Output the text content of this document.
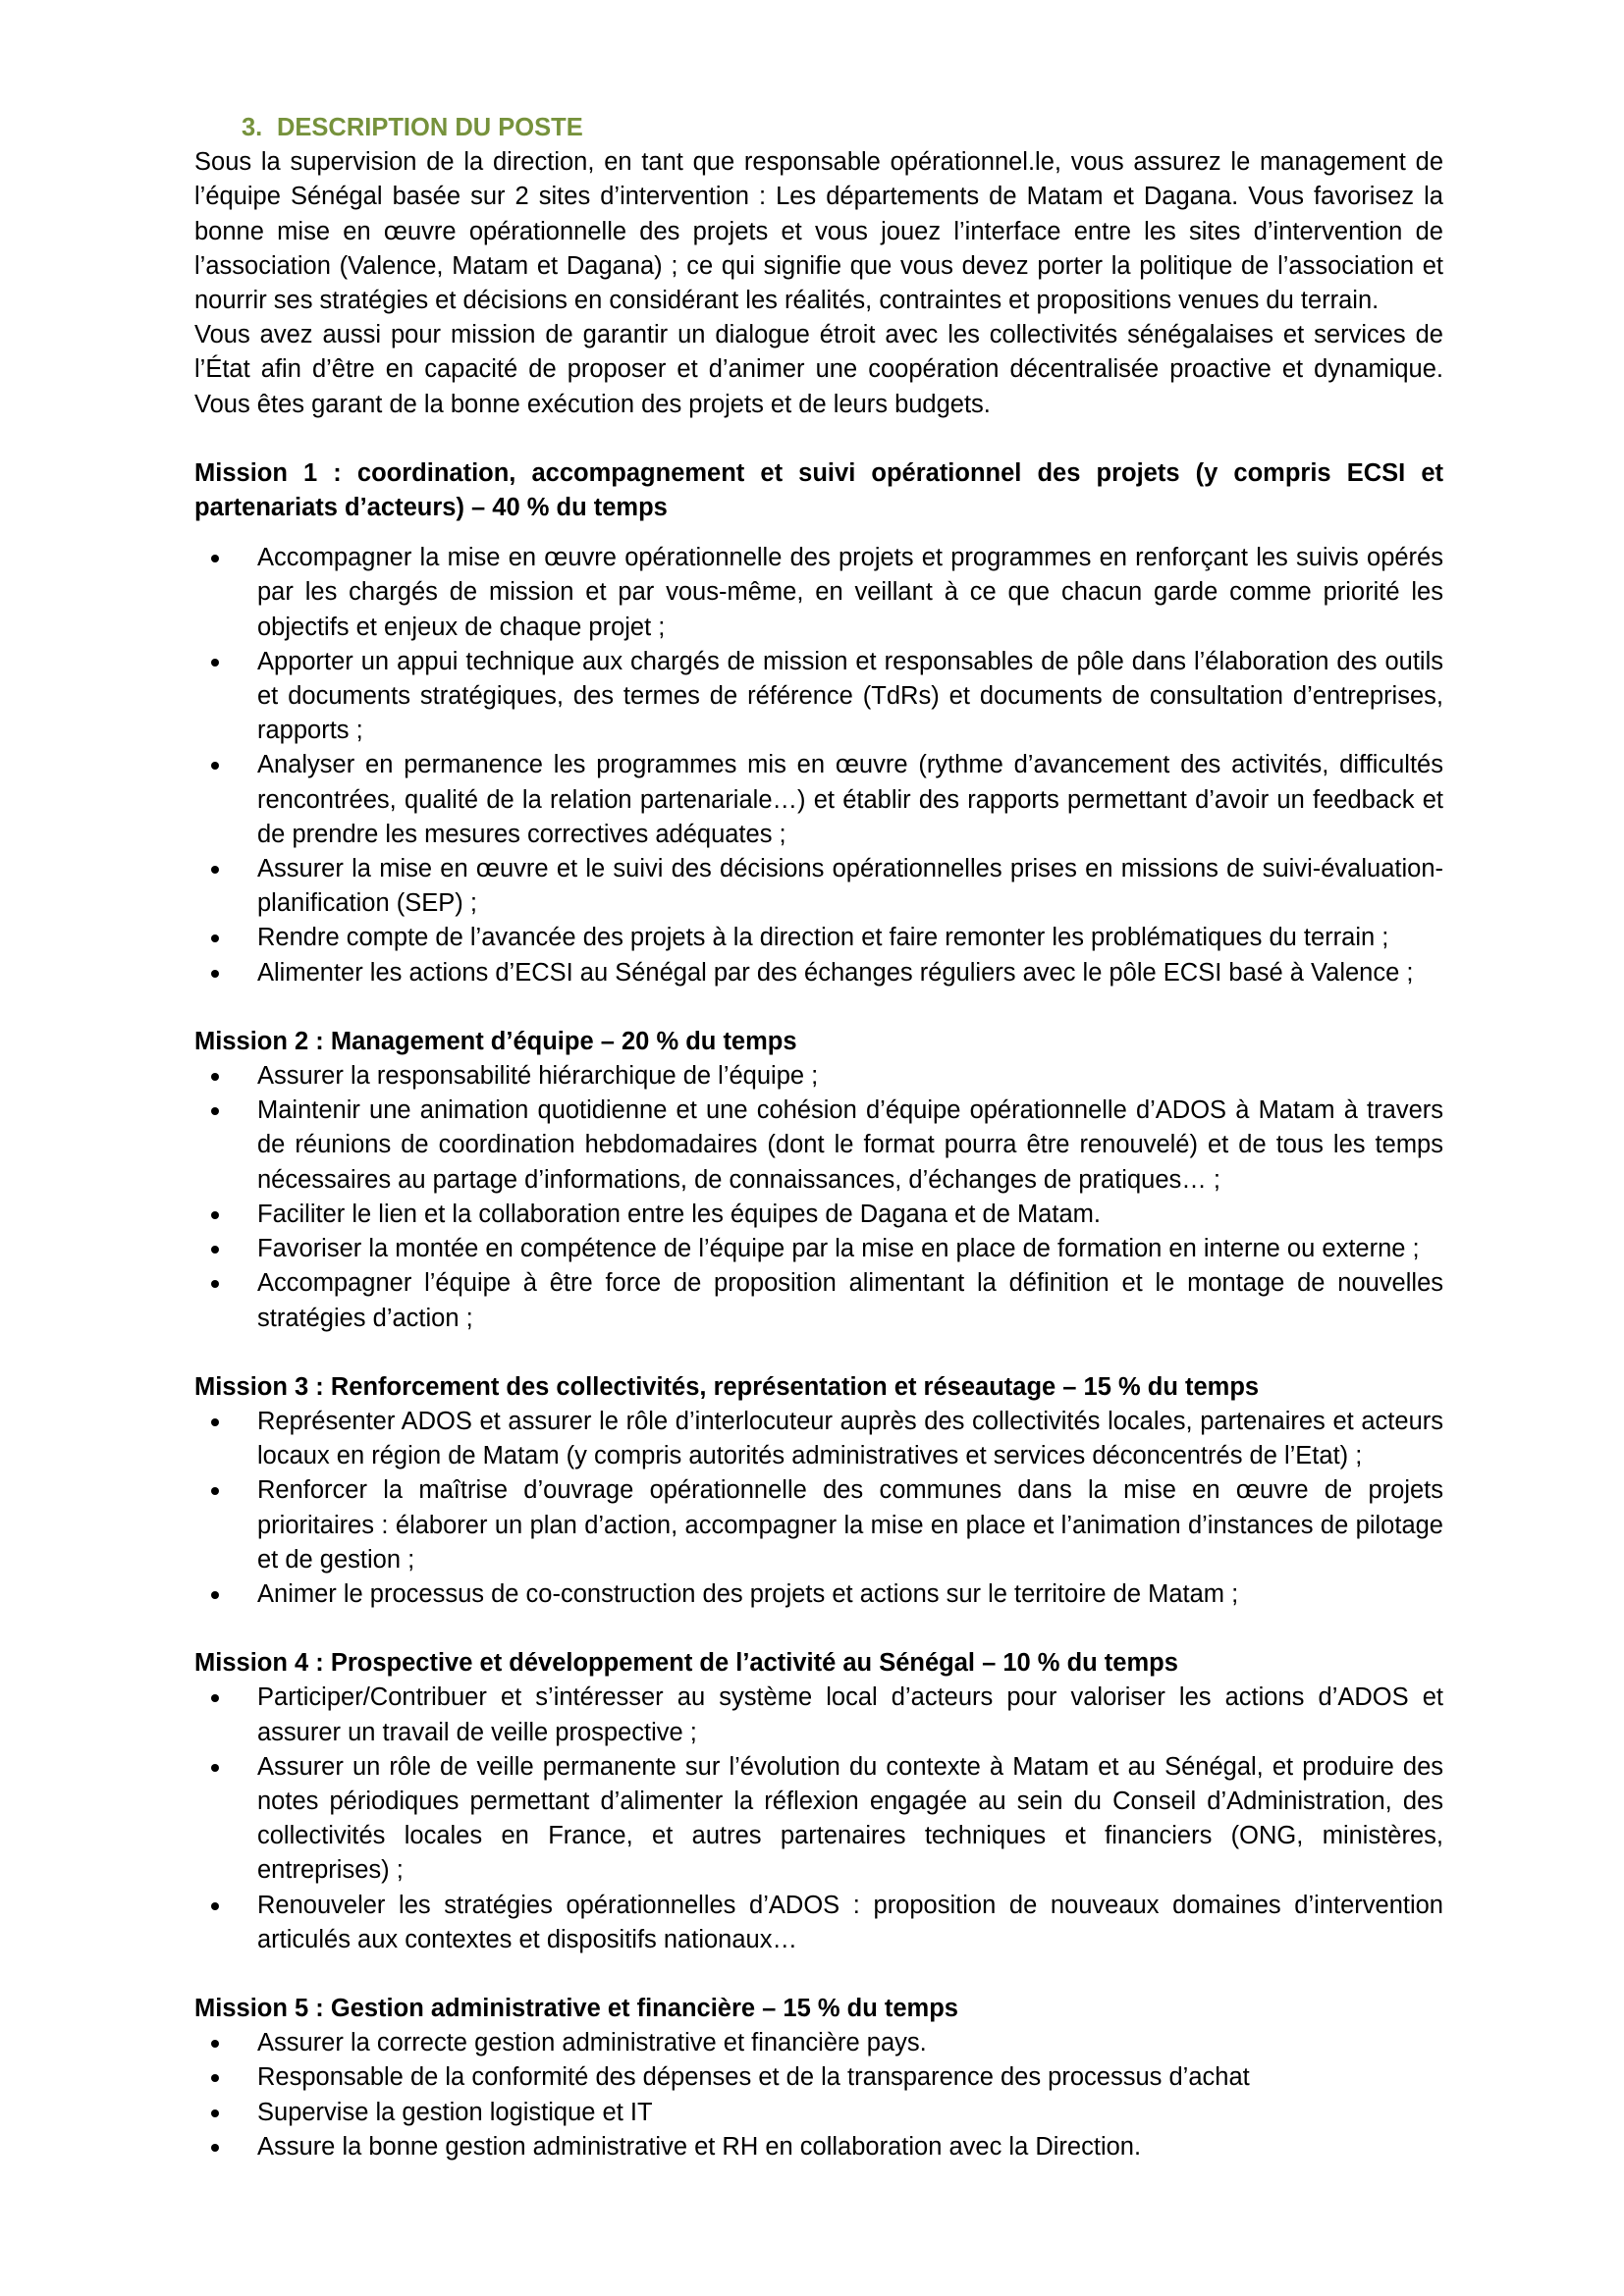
3. DESCRIPTION DU POSTE

Sous la supervision de la direction, en tant que responsable opérationnel.le, vous assurez le management de l’équipe Sénégal basée sur 2 sites d’intervention : Les départements de Matam et Dagana. Vous favorisez la bonne mise en œuvre opérationnelle des projets et vous jouez l’interface entre les sites d’intervention de l’association (Valence, Matam et Dagana) ; ce qui signifie que vous devez porter la politique de l’association et nourrir ses stratégies et décisions en considérant les réalités, contraintes et propositions venues du terrain.

Vous avez aussi pour mission de garantir un dialogue étroit avec les collectivités sénégalaises et services de l’État afin d’être en capacité de proposer et d’animer une coopération décentralisée proactive et dynamique. Vous êtes garant de la bonne exécution des projets et de leurs budgets.

Mission 1 : coordination, accompagnement et suivi opérationnel des projets (y compris ECSI et partenariats d’acteurs) – 40 % du temps

Accompagner la mise en œuvre opérationnelle des projets et programmes en renforçant les suivis opérés par les chargés de mission et par vous-même, en veillant à ce que chacun garde comme priorité les objectifs et enjeux de chaque projet ;
Apporter un appui technique aux chargés de mission et responsables de pôle dans l’élaboration des outils et documents stratégiques, des termes de référence (TdRs) et documents de consultation d’entreprises, rapports ;
Analyser en permanence les programmes mis en œuvre (rythme d’avancement des activités, difficultés rencontrées, qualité de la relation partenariale…) et établir des rapports permettant d’avoir un feedback et de prendre les mesures correctives adéquates ;
Assurer la mise en œuvre et le suivi des décisions opérationnelles prises en missions de suivi-évaluation-planification (SEP) ;
Rendre compte de l’avancée des projets à la direction et faire remonter les problématiques du terrain ;
Alimenter les actions d’ECSI au Sénégal par des échanges réguliers avec le pôle ECSI basé à Valence ;

Mission 2 : Management d’équipe – 20 % du temps

Assurer la responsabilité hiérarchique de l’équipe ;
Maintenir une animation quotidienne et une cohésion d’équipe opérationnelle d’ADOS à Matam à travers de réunions de coordination hebdomadaires (dont le format pourra être renouvelé) et de tous les temps nécessaires au partage d’informations, de connaissances, d’échanges de pratiques… ;
Faciliter le lien et la collaboration entre les équipes de Dagana et de Matam.
Favoriser la montée en compétence de l’équipe par la mise en place de formation en interne ou externe ;
Accompagner l’équipe à être force de proposition alimentant la définition et le montage de nouvelles stratégies d’action ;

Mission 3 : Renforcement des collectivités, représentation et réseautage – 15 % du temps

Représenter ADOS et assurer le rôle d’interlocuteur auprès des collectivités locales, partenaires et acteurs locaux en région de Matam (y compris autorités administratives et services déconcentrés de l’Etat) ;
Renforcer la maîtrise d’ouvrage opérationnelle des communes dans la mise en œuvre de projets prioritaires : élaborer un plan d’action, accompagner la mise en place et l’animation d’instances de pilotage et de gestion ;
Animer le processus de co-construction des projets et actions sur le territoire de Matam ;

Mission 4 : Prospective et développement de l’activité au Sénégal – 10 % du temps

Participer/Contribuer et s’intéresser au système local d’acteurs pour valoriser les actions d’ADOS et assurer un travail de veille prospective ;
Assurer un rôle de veille permanente sur l’évolution du contexte à Matam et au Sénégal, et produire des notes périodiques permettant d’alimenter la réflexion engagée au sein du Conseil d’Administration, des collectivités locales en France, et autres partenaires techniques et financiers (ONG, ministères, entreprises) ;
Renouveler les stratégies opérationnelles d’ADOS : proposition de nouveaux domaines d’intervention articulés aux contextes et dispositifs nationaux…

Mission 5 : Gestion administrative et financière – 15 % du temps

Assurer la correcte gestion administrative et financière pays.
Responsable de la conformité des dépenses et de la transparence des processus d’achat
Supervise la gestion logistique et IT
Assure la bonne gestion administrative et RH en collaboration avec la Direction.
